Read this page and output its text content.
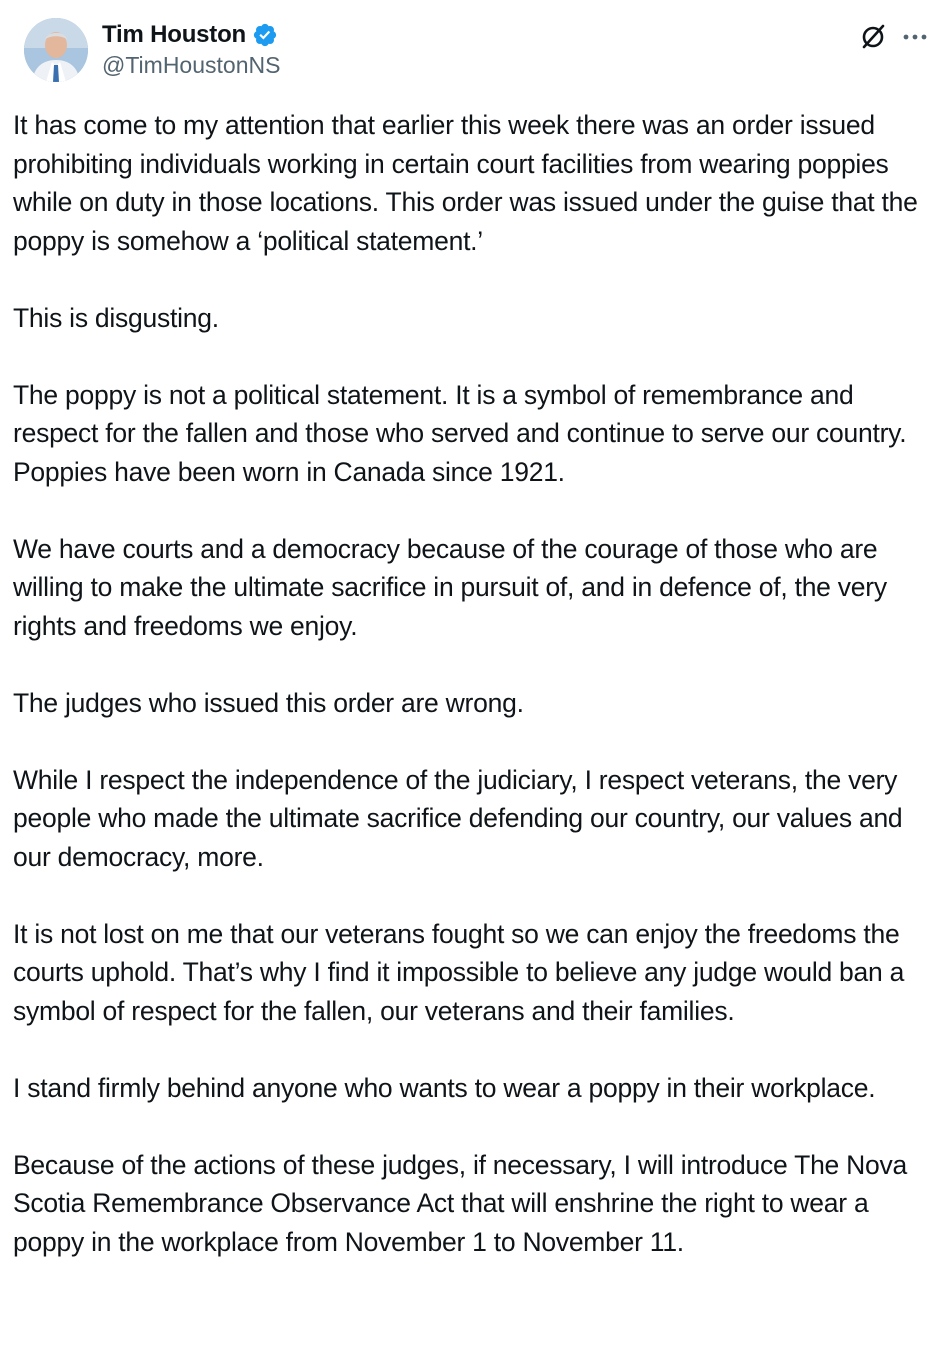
Tim Houston
@TimHoustonNS

It has come to my attention that earlier this week there was an order issued prohibiting individuals working in certain court facilities from wearing poppies while on duty in those locations. This order was issued under the guise that the poppy is somehow a ‘political statement.’

This is disgusting.

The poppy is not a political statement. It is a symbol of remembrance and respect for the fallen and those who served and continue to serve our country. Poppies have been worn in Canada since 1921.

We have courts and a democracy because of the courage of those who are willing to make the ultimate sacrifice in pursuit of, and in defence of, the very rights and freedoms we enjoy.

The judges who issued this order are wrong.

While I respect the independence of the judiciary, I respect veterans, the very people who made the ultimate sacrifice defending our country, our values and our democracy, more.

It is not lost on me that our veterans fought so we can enjoy the freedoms the courts uphold. That’s why I find it impossible to believe any judge would ban a symbol of respect for the fallen, our veterans and their families.

I stand firmly behind anyone who wants to wear a poppy in their workplace.

Because of the actions of these judges, if necessary, I will introduce The Nova Scotia Remembrance Observance Act that will enshrine the right to wear a poppy in the workplace from November 1 to November 11.
